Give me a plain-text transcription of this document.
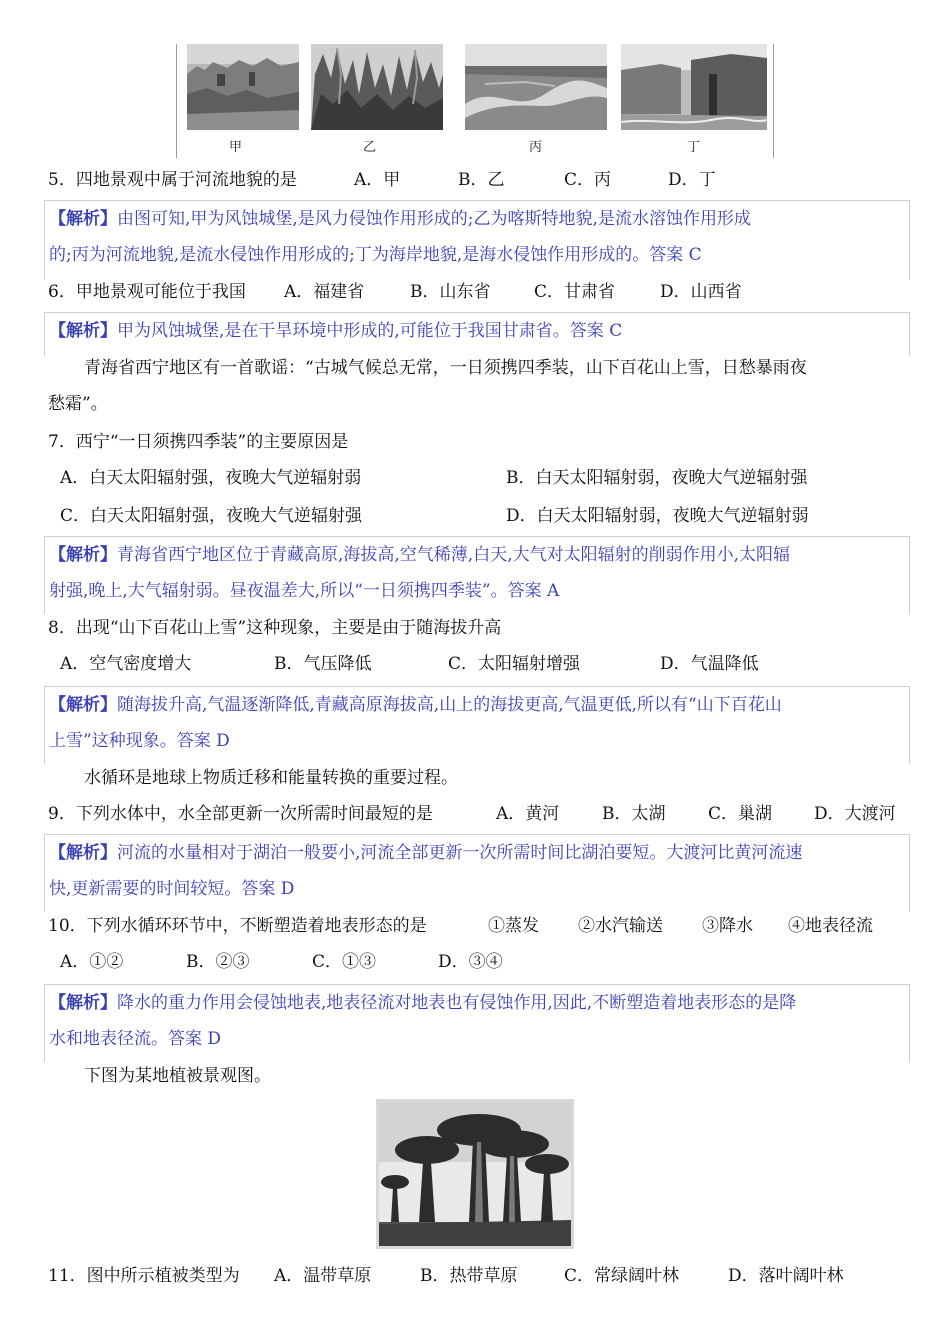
甲	乙	丙	丁
5．四地景观中属于河流地貌的是	A．甲	B．乙	C．丙	D．丁
【解析】由图可知,甲为风蚀城堡,是风力侵蚀作用形成的;乙为喀斯特地貌,是流水溶蚀作用形成
的;丙为河流地貌,是流水侵蚀作用形成的;丁为海岸地貌,是海水侵蚀作用形成的。答案 C
6．甲地景观可能位于我国 A．福建省	B．山东省	C．甘肃省	D．山西省
【解析】甲为风蚀城堡,是在干旱环境中形成的,可能位于我国甘肃省。答案 C
青海省西宁地区有一首歌谣：“古城气候总无常，一日须携四季装，山下百花山上雪，日愁暴雨夜
愁霜”。
7．西宁“一日须携四季装”的主要原因是
A．白天太阳辐射强，夜晚大气逆辐射弱	B．白天太阳辐射弱，夜晚大气逆辐射强
C．白天太阳辐射强，夜晚大气逆辐射强	D．白天太阳辐射弱，夜晚大气逆辐射弱
【解析】青海省西宁地区位于青藏高原,海拔高,空气稀薄,白天,大气对太阳辐射的削弱作用小,太阳辐
射强,晚上,大气辐射弱。昼夜温差大,所以“一日须携四季装”。答案 A
8．出现“山下百花山上雪”这种现象，主要是由于随海拔升高
A．空气密度增大	B．气压降低	C．太阳辐射增强	D．气温降低
【解析】随海拔升高,气温逐渐降低,青藏高原海拔高,山上的海拔更高,气温更低,所以有“山下百花山
上雪”这种现象。答案 D
水循环是地球上物质迁移和能量转换的重要过程。
9．下列水体中，水全部更新一次所需时间最短的是	A．黄河	B．太湖	C．巢湖 D．大渡河
【解析】河流的水量相对于湖泊一般要小,河流全部更新一次所需时间比湖泊要短。大渡河比黄河流速
快,更新需要的时间较短。答案 D
10．下列水循环环节中，不断塑造着地表形态的是	①蒸发 ②水汽输送 ③降水 ④地表径流
A．①②	B．②③	C．①③	D．③④
【解析】降水的重力作用会侵蚀地表,地表径流对地表也有侵蚀作用,因此,不断塑造着地表形态的是降
水和地表径流。答案 D
下图为某地植被景观图。
11．图中所示植被类型为 A．温带草原	B．热带草原	C．常绿阔叶林	D．落叶阔叶林
